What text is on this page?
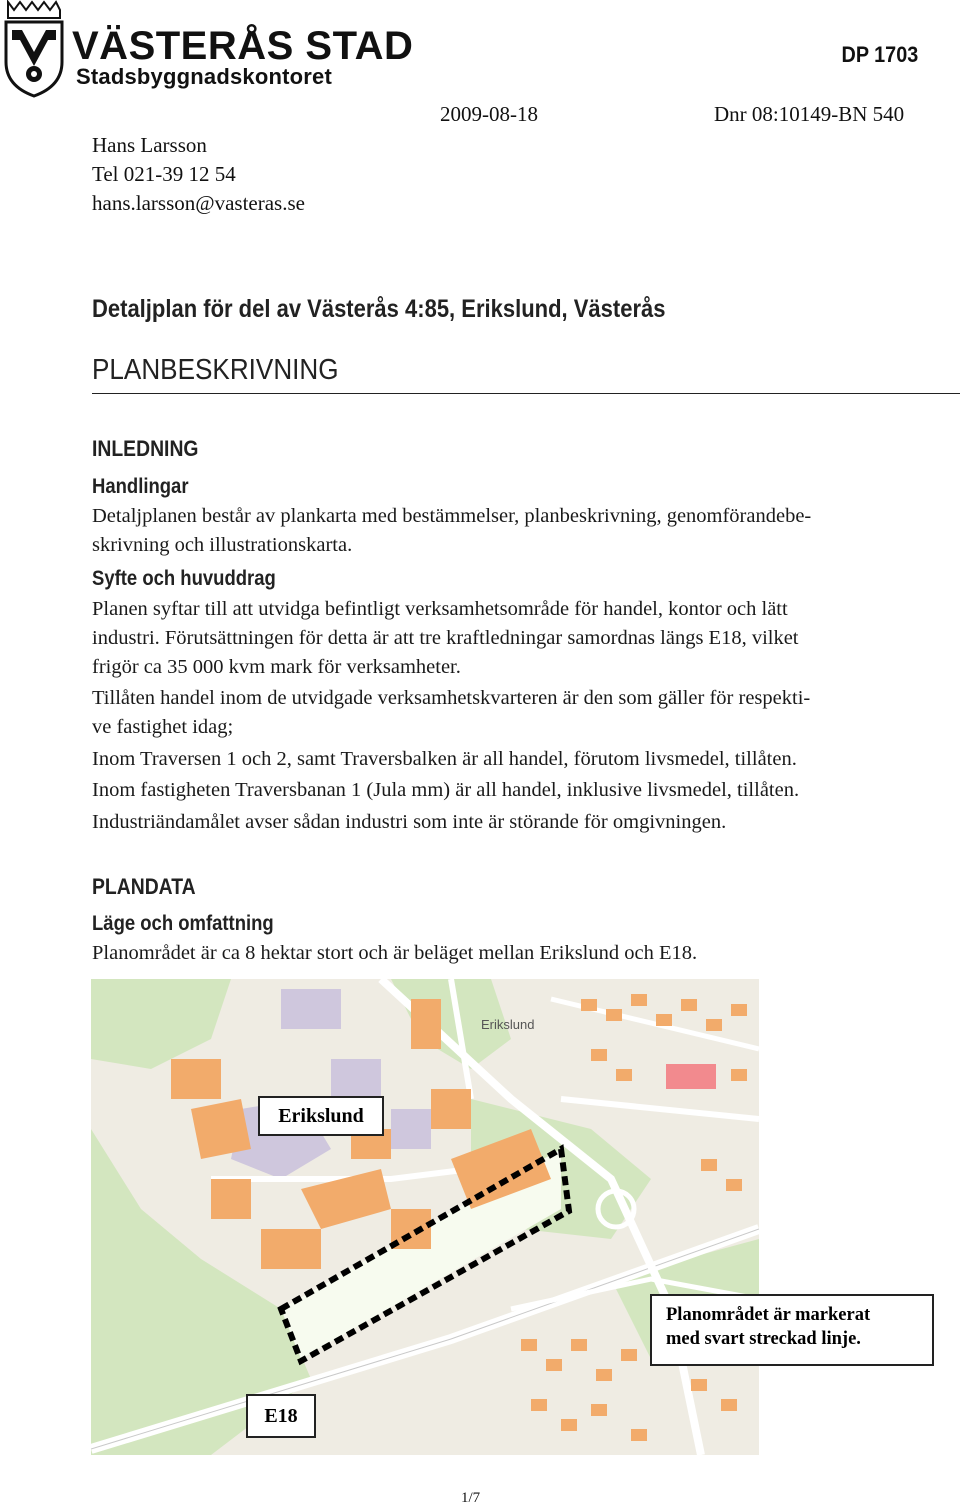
VÄSTERÅS STAD
Stadsbyggnadskontoret
DP 1703
2009-08-18	Dnr 08:10149-BN 540
Hans Larsson
Tel 021-39 12 54
hans.larsson@vasteras.se
Detaljplan för del av Västerås 4:85, Erikslund, Västerås
PLANBESKRIVNING
INLEDNING
Handlingar
Detaljplanen består av plankarta med bestämmelser, planbeskrivning, genomförandebe-
skrivning och illustrationskarta.
Syfte och huvuddrag
Planen syftar till att utvidga befintligt verksamhetsområde för handel, kontor och lätt
industri. Förutsättningen för detta är att tre kraftledningar samordnas längs E18, vilket
frigör ca 35 000 kvm mark för verksamheter.
Tillåten handel inom de utvidgade verksamhetskvarteren är den som gäller för respekti-
ve fastighet idag;
Inom Traversen 1 och 2, samt Traversbalken är all handel, förutom livsmedel, tillåten.
Inom fastigheten Traversbanan 1 (Jula mm) är all handel, inklusive livsmedel, tillåten.
Industriändamålet avser sådan industri som inte är störande för omgivningen.
PLANDATA
Läge och omfattning
Planområdet är ca 8 hektar stort och är beläget mellan Erikslund och E18.
Erikslund
Erikslund
E18
Planområdet är markerat
med svart streckad linje.
1/7
